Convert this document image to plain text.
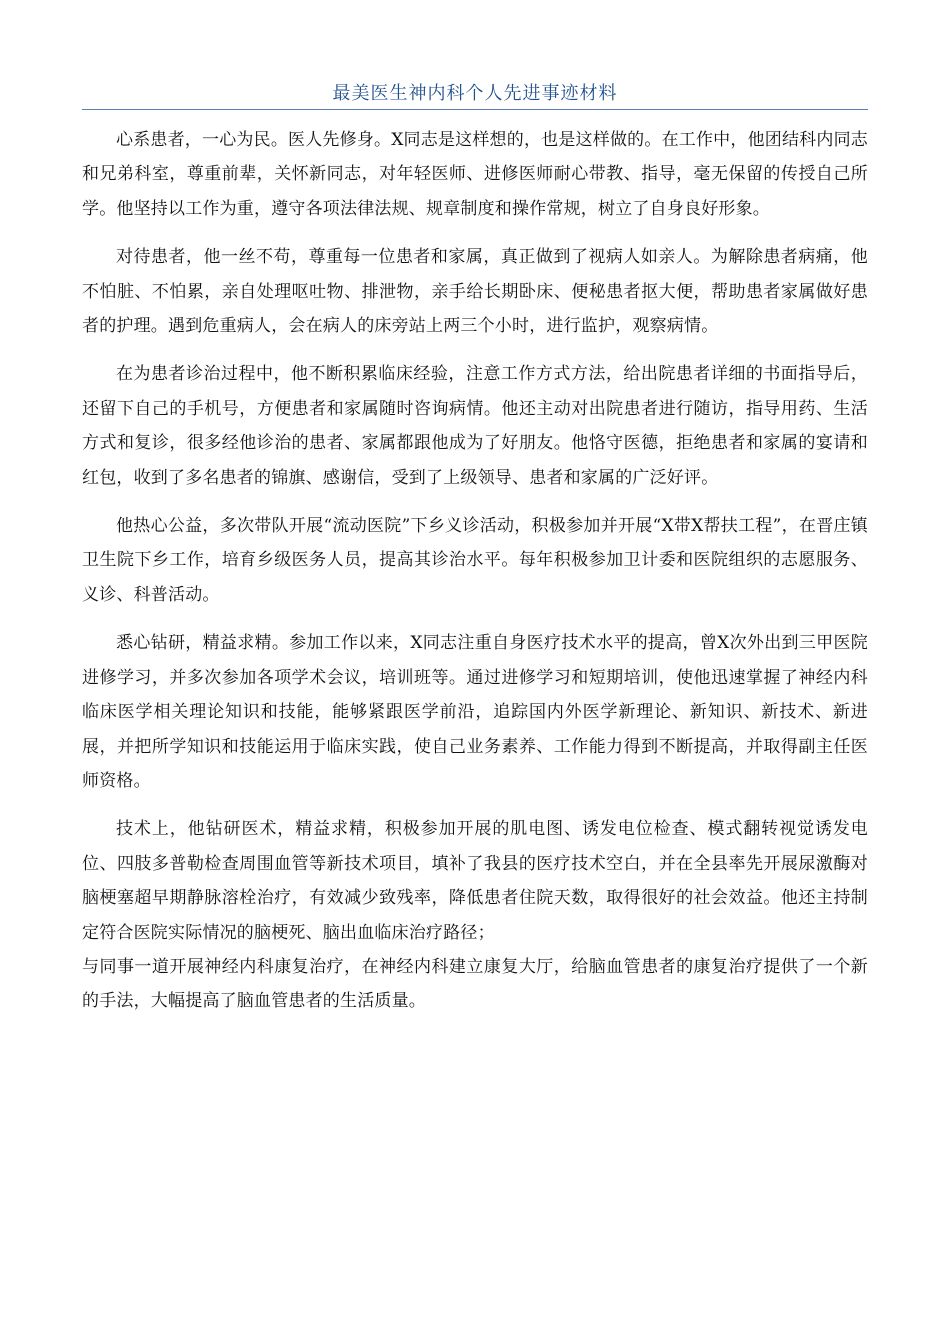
最美医生神内科个人先进事迹材料

心系患者，一心为民。医人先修身。X同志是这样想的，也是这样做的。在工作中，他团结科内同志和兄弟科室，尊重前辈，关怀新同志，对年轻医师、进修医师耐心带教、指导，毫无保留的传授自己所学。他坚持以工作为重，遵守各项法律法规、规章制度和操作常规，树立了自身良好形象。

对待患者，他一丝不苟，尊重每一位患者和家属，真正做到了视病人如亲人。为解除患者病痛，他不怕脏、不怕累，亲自处理呕吐物、排泄物，亲手给长期卧床、便秘患者抠大便，帮助患者家属做好患者的护理。遇到危重病人，会在病人的床旁站上两三个小时，进行监护，观察病情。

在为患者诊治过程中，他不断积累临床经验，注意工作方式方法，给出院患者详细的书面指导后，还留下自己的手机号，方便患者和家属随时咨询病情。他还主动对出院患者进行随访，指导用药、生活方式和复诊，很多经他诊治的患者、家属都跟他成为了好朋友。他恪守医德，拒绝患者和家属的宴请和红包，收到了多名患者的锦旗、感谢信，受到了上级领导、患者和家属的广泛好评。

他热心公益，多次带队开展“流动医院”下乡义诊活动，积极参加并开展“X带X帮扶工程”，在晋庄镇卫生院下乡工作，培育乡级医务人员，提高其诊治水平。每年积极参加卫计委和医院组织的志愿服务、义诊、科普活动。

悉心钻研，精益求精。参加工作以来，X同志注重自身医疗技术水平的提高，曾X次外出到三甲医院进修学习，并多次参加各项学术会议，培训班等。通过进修学习和短期培训，使他迅速掌握了神经内科临床医学相关理论知识和技能，能够紧跟医学前沿，追踪国内外医学新理论、新知识、新技术、新进展，并把所学知识和技能运用于临床实践，使自己业务素养、工作能力得到不断提高，并取得副主任医师资格。

技术上，他钻研医术，精益求精，积极参加开展的肌电图、诱发电位检查、模式翻转视觉诱发电位、四肢多普勒检查周围血管等新技术项目，填补了我县的医疗技术空白，并在全县率先开展尿激酶对脑梗塞超早期静脉溶栓治疗，有效减少致残率，降低患者住院天数，取得很好的社会效益。他还主持制定符合医院实际情况的脑梗死、脑出血临床治疗路径；

与同事一道开展神经内科康复治疗，在神经内科建立康复大厅，给脑血管患者的康复治疗提供了一个新的手法，大幅提高了脑血管患者的生活质量。
